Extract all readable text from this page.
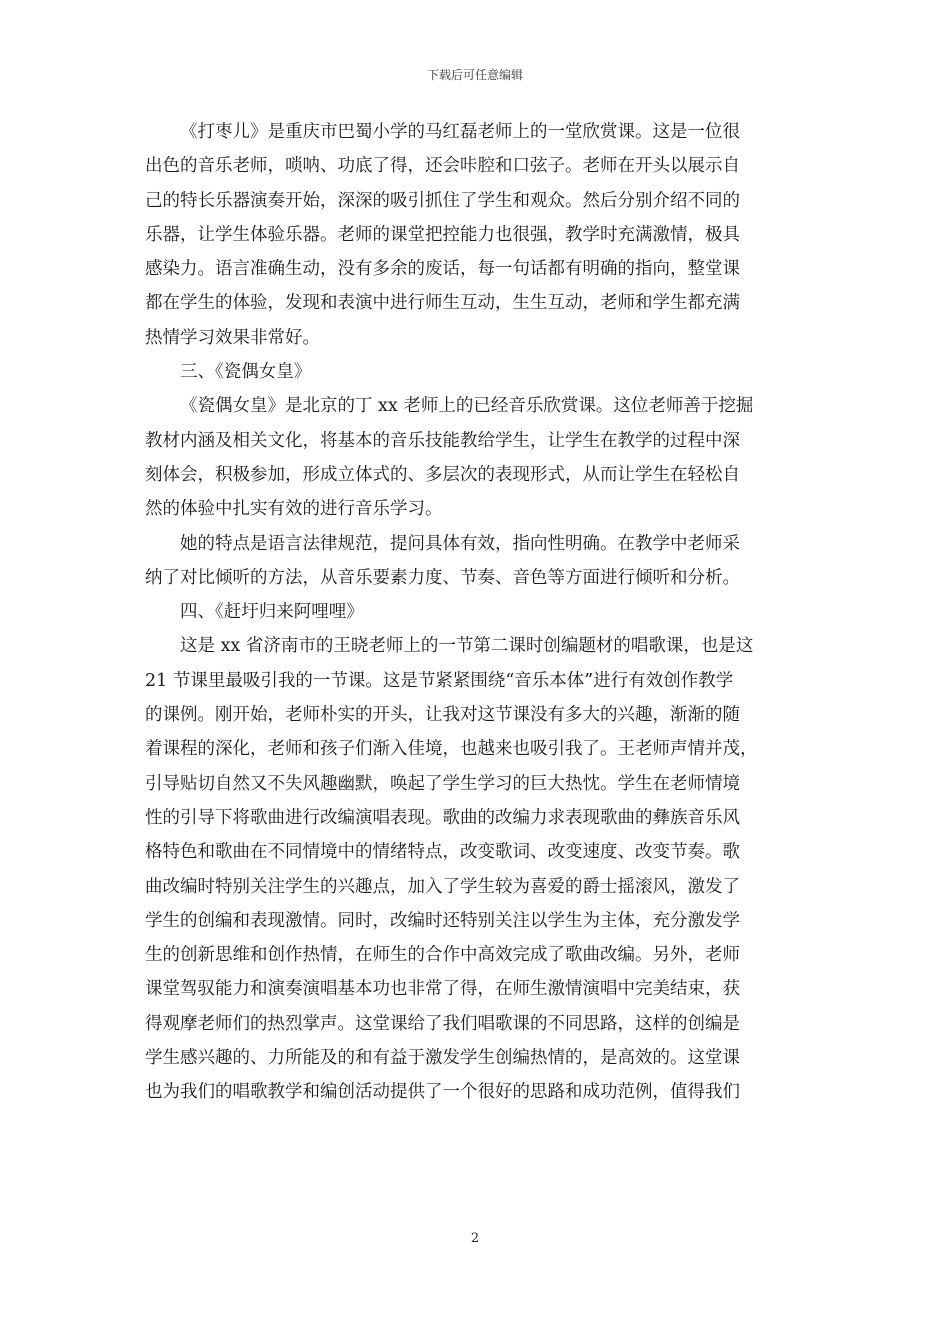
下载后可任意编辑

《打枣儿》是重庆市巴蜀小学的马红磊老师上的一堂欣赏课。这是一位很
出色的音乐老师，唢呐、功底了得，还会咔腔和口弦子。老师在开头以展示自
己的特长乐器演奏开始，深深的吸引抓住了学生和观众。然后分别介绍不同的
乐器，让学生体验乐器。老师的课堂把控能力也很强，教学时充满激情，极具
感染力。语言准确生动，没有多余的废话，每一句话都有明确的指向，整堂课
都在学生的体验，发现和表演中进行师生互动，生生互动，老师和学生都充满
热情学习效果非常好。

三、《瓷偶女皇》

《瓷偶女皇》是北京的丁 xx 老师上的已经音乐欣赏课。这位老师善于挖掘
教材内涵及相关文化，将基本的音乐技能教给学生，让学生在教学的过程中深
刻体会，积极参加，形成立体式的、多层次的表现形式，从而让学生在轻松自
然的体验中扎实有效的进行音乐学习。

她的特点是语言法律规范，提问具体有效，指向性明确。在教学中老师采
纳了对比倾听的方法，从音乐要素力度、节奏、音色等方面进行倾听和分析。

四、《赶圩归来阿哩哩》

这是 xx 省济南市的王晓老师上的一节第二课时创编题材的唱歌课，也是这
21 节课里最吸引我的一节课。这是节紧紧围绕“音乐本体”进行有效创作教学
的课例。刚开始，老师朴实的开头，让我对这节课没有多大的兴趣，渐渐的随
着课程的深化，老师和孩子们渐入佳境，也越来也吸引我了。王老师声情并茂，
引导贴切自然又不失风趣幽默，唤起了学生学习的巨大热忱。学生在老师情境
性的引导下将歌曲进行改编演唱表现。歌曲的改编力求表现歌曲的彝族音乐风
格特色和歌曲在不同情境中的情绪特点，改变歌词、改变速度、改变节奏。歌
曲改编时特别关注学生的兴趣点，加入了学生较为喜爱的爵士摇滚风，激发了
学生的创编和表现激情。同时，改编时还特别关注以学生为主体，充分激发学
生的创新思维和创作热情，在师生的合作中高效完成了歌曲改编。另外，老师
课堂驾驭能力和演奏演唱基本功也非常了得，在师生激情演唱中完美结束，获
得观摩老师们的热烈掌声。这堂课给了我们唱歌课的不同思路，这样的创编是
学生感兴趣的、力所能及的和有益于激发学生创编热情的，是高效的。这堂课
也为我们的唱歌教学和编创活动提供了一个很好的思路和成功范例，值得我们

2
